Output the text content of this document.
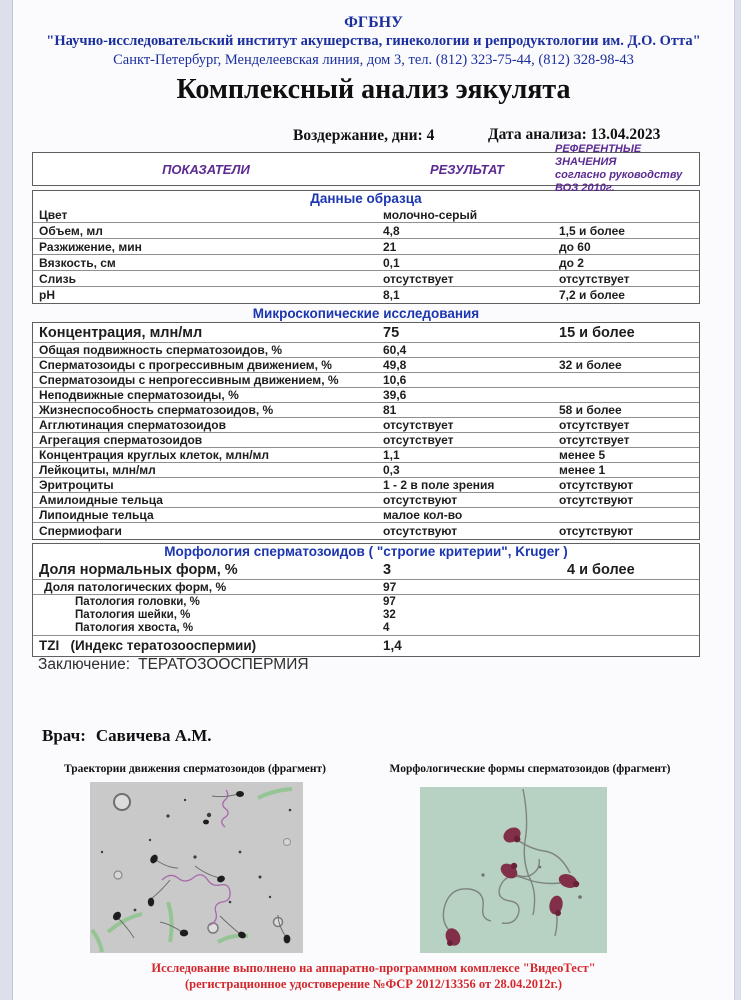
ФГБНУ
"Научно-исследовательский институт акушерства, гинекологии и репродуктологии им. Д.О. Отта"
Санкт-Петербург, Менделеевская линия, дом 3, тел. (812) 323-75-44, (812) 328-98-43
Комплексный анализ эякулята
Воздержание, дни: 4	Дата анализа: 13.04.2023
ПОКАЗАТЕЛИ	РЕЗУЛЬТАТ
РЕФЕРЕНТНЫЕ ЗНАЧЕНИЯ
согласно руководству ВОЗ 2010г.
Данные образца
Цвет	молочно-серый
Объем, мл	4,8	1,5 и более
Разжижение, мин	21	до 60
Вязкость, см	0,1	до 2
Слизь	отсутствует	отсутствует
pH	8,1	7,2 и более
Микроскопические исследования
Концентрация, млн/мл	75	15 и более
Общая подвижность сперматозоидов, %	60,4
Сперматозоиды с прогрессивным движением, %	49,8	32 и более
Сперматозоиды с непрогессивным движением, %	10,6
Неподвижные сперматозоиды, %	39,6
Жизнеспособность сперматозоидов, %	81	58 и более
Агглютинация сперматозоидов	отсутствует	отсутствует
Агрегация сперматозоидов	отсутствует	отсутствует
Концентрация круглых клеток, млн/мл	1,1	менее 5
Лейкоциты, млн/мл	0,3	менее 1
Эритроциты	1 - 2 в поле зрения	отсутствуют
Амилоидные тельца	отсутствуют	отсутствуют
Липоидные тельца	малое кол-во
Спермиофаги	отсутствуют	отсутствуют
Морфология сперматозоидов ( "строгие критерии", Kruger )
Доля нормальных форм, %	3	4 и более
Доля патологических форм, %	97
Патология головки, %	97
Патология шейки, %	32
Патология хвоста, %	4
TZI   (Индекс тератозооспермии)	1,4
Заключение: ТЕРАТОЗООСПЕРМИЯ
Врач: Савичева А.М.
Траектории движения сперматозоидов (фрагмент)	Морфологические формы сперматозоидов (фрагмент)
Исследование выполнено на аппаратно-программном комплексе "ВидеоТест"
(регистрационное удостоверение №ФСР 2012/13356 от 28.04.2012г.)
